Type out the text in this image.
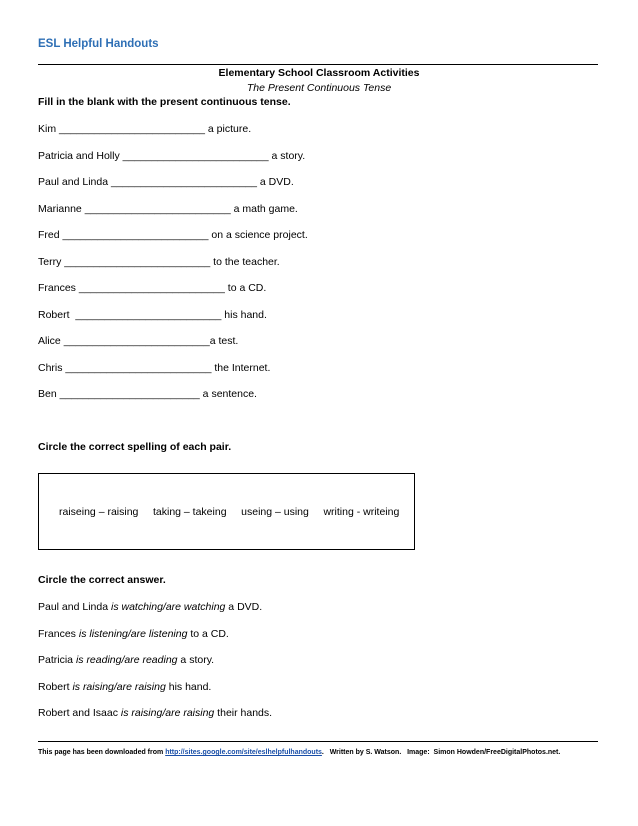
ESL Helpful Handouts
Elementary School Classroom Activities
The Present Continuous Tense
Fill in the blank with the present continuous tense.
Kim _________________________ a picture.
Patricia and Holly _________________________ a story.
Paul and Linda _________________________ a DVD.
Marianne _________________________ a math game.
Fred _________________________ on a science project.
Terry _________________________ to the teacher.
Frances _________________________ to a CD.
Robert  _________________________ his hand.
Alice _________________________a test.
Chris _________________________ the Internet.
Ben ________________________ a sentence.
Circle the correct spelling of each pair.
raiseing – raising taking – takeing useing – using writing - writeing
Circle the correct answer.
Paul and Linda is watching/are watching a DVD.
Frances is listening/are listening to a CD.
Patricia is reading/are reading a story.
Robert is raising/are raising his hand.
Robert and Isaac is raising/are raising their hands.
This page has been downloaded from http://sites.google.com/site/eslhelpfulhandouts.   Written by S. Watson.   Image:  Simon Howden/FreeDigitalPhotos.net.
